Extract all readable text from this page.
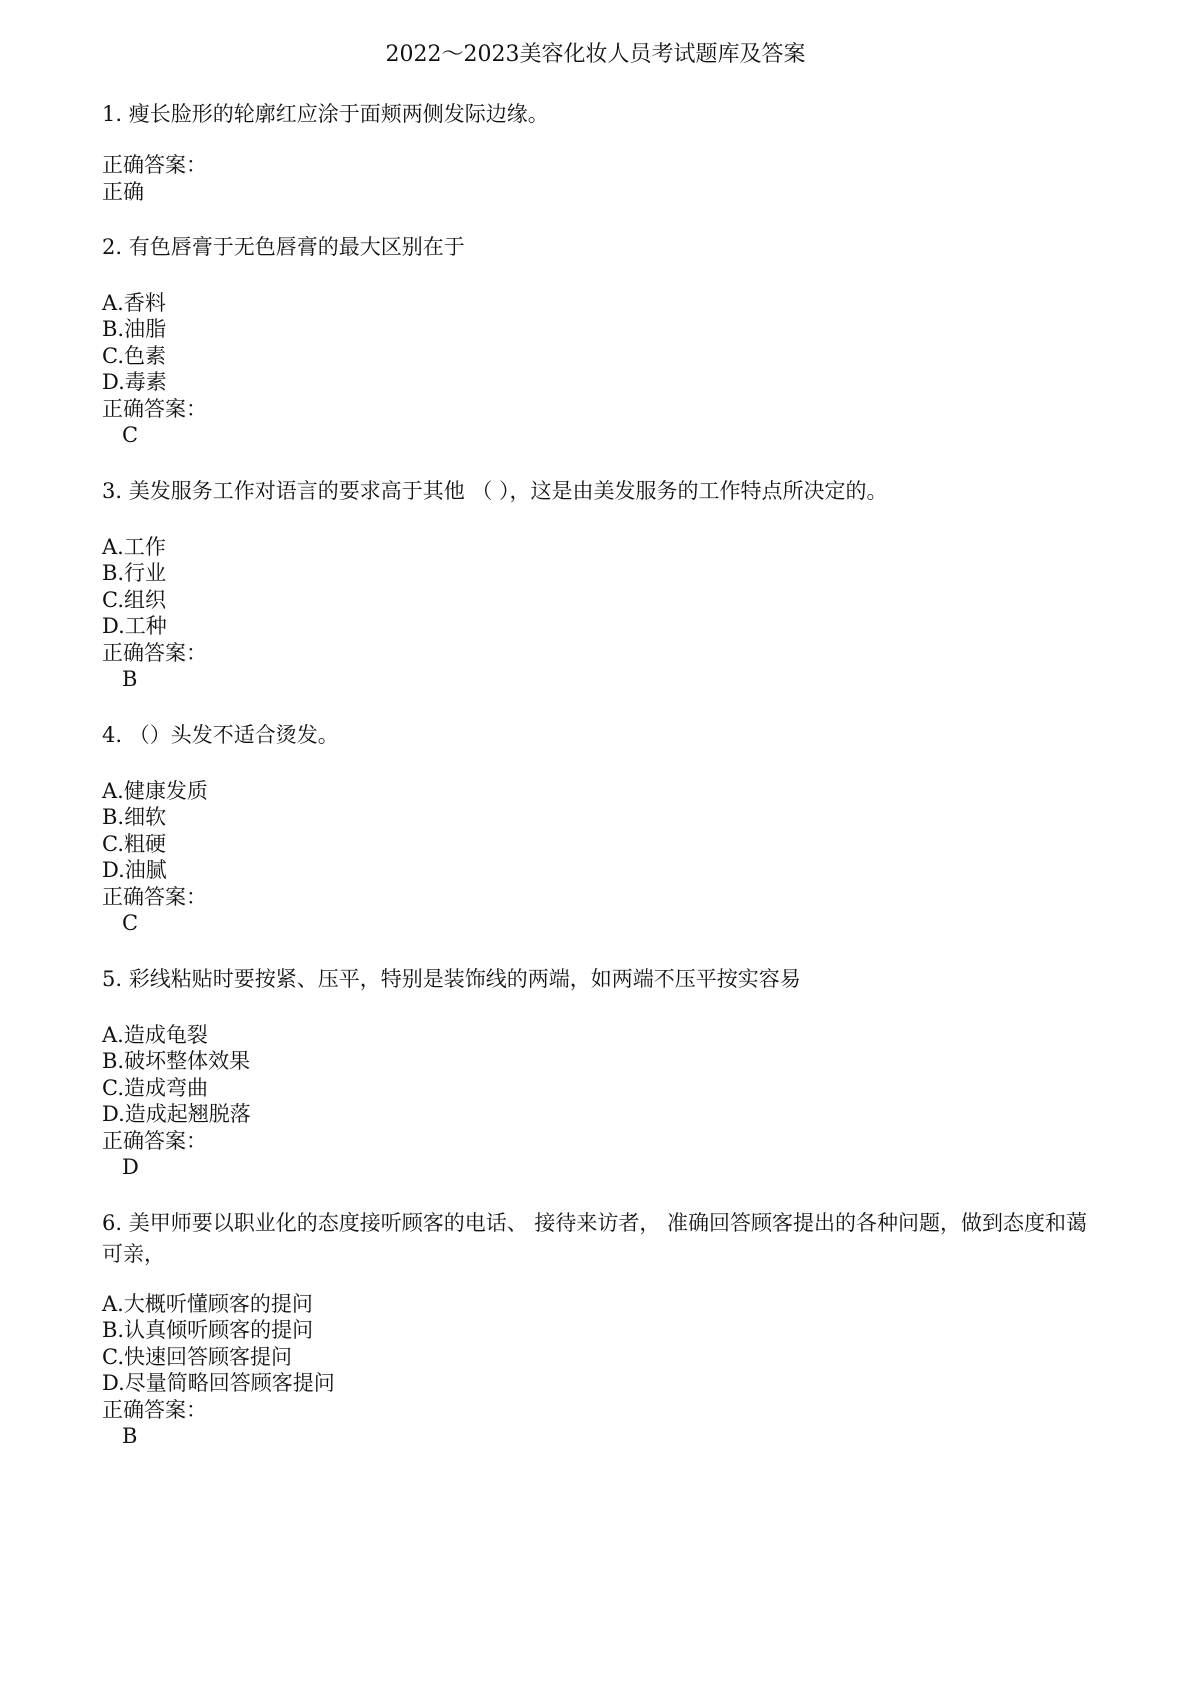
2022～2023美容化妆人员考试题库及答案
1. 瘦长脸形的轮廓红应涂于面颊两侧发际边缘。
正确答案：
正确
2. 有色唇膏于无色唇膏的最大区别在于
A.香料
B.油脂
C.色素
D.毒素
正确答案：
C
3. 美发服务工作对语言的要求高于其他 （ ），这是由美发服务的工作特点所决定的。
A.工作
B.行业
C.组织
D.工种
正确答案：
B
4. （）头发不适合烫发。
A.健康发质
B.细软
C.粗硬
D.油腻
正确答案：
C
5. 彩线粘贴时要按紧、压平，特别是装饰线的两端，如两端不压平按实容易
A.造成龟裂
B.破坏整体效果
C.造成弯曲
D.造成起翘脱落
正确答案：
D
6. 美甲师要以职业化的态度接听顾客的电话、 接待来访者， 准确回答顾客提出的各种问题，做到态度和蔼可亲，
A.大概听懂顾客的提问
B.认真倾听顾客的提问
C.快速回答顾客提问
D.尽量简略回答顾客提问
正确答案：
B
